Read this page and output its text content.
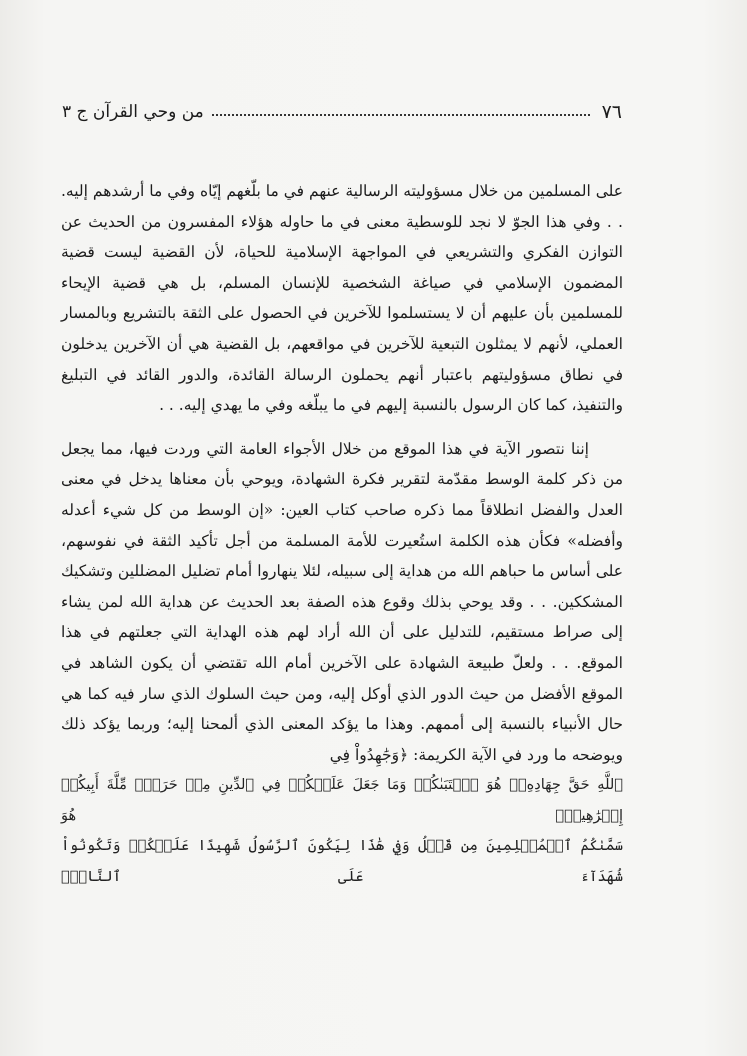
٧٦
من وحي القرآن ج ٣

على المسلمين من خلال مسؤوليته الرسالية عنهم في ما بلّغهم إيّاه وفي ما أرشدهم إليه. . . وفي هذا الجوّ لا نجد للوسطية معنى في ما حاوله هؤلاء المفسرون من الحديث عن التوازن الفكري والتشريعي في المواجهة الإسلامية للحياة، لأن القضية ليست قضية المضمون الإسلامي في صياغة الشخصية للإنسان المسلم، بل هي قضية الإيحاء للمسلمين بأن عليهم أن لا يستسلموا للآخرين في الحصول على الثقة بالتشريع وبالمسار العملي، لأنهم لا يمثلون التبعية للآخرين في مواقعهم، بل القضية هي أن الآخرين يدخلون في نطاق مسؤوليتهم باعتبار أنهم يحملون الرسالة القائدة، والدور القائد في التبليغ والتنفيذ، كما كان الرسول بالنسبة إليهم في ما يبلّغه وفي ما يهدي إليه. . .

إننا نتصور الآية في هذا الموقع من خلال الأجواء العامة التي وردت فيها، مما يجعل من ذكر كلمة الوسط مقدّمة لتقرير فكرة الشهادة، ويوحي بأن معناها يدخل في معنى العدل والفضل انطلاقاً مما ذكره صاحب كتاب العين: «إن الوسط من كل شيء أعدله وأفضله» فكأن هذه الكلمة استُعيرت للأمة المسلمة من أجل تأكيد الثقة في نفوسهم، على أساس ما حباهم الله من هداية إلى سبيله، لئلا ينهاروا أمام تضليل المضللين وتشكيك المشككين. . . وقد يوحي بذلك وقوع هذه الصفة بعد الحديث عن هداية الله لمن يشاء إلى صراط مستقيم، للتدليل على أن الله أراد لهم هذه الهداية التي جعلتهم في هذا الموقع. . . ولعلّ طبيعة الشهادة على الآخرين أمام الله تقتضي أن يكون الشاهد في الموقع الأفضل من حيث الدور الذي أوكل إليه، ومن حيث السلوك الذي سار فيه كما هي حال الأنبياء بالنسبة إلى أممهم. وهذا ما يؤكد المعنى الذي ألمحنا إليه؛ وربما يؤكد ذلك ويوضحه ما ورد في الآية الكريمة: ﴿وَجَٰهِدُواْ فِي

ٱللَّهِ حَقَّ جِهَادِهِۦۚ هُوَ ٱجۡتَبَىٰكُمۡ وَمَا جَعَلَ عَلَيۡكُمۡ فِي ٱلدِّينِ مِنۡ حَرَجٖۚ مِّلَّةَ أَبِيكُمۡ إِبۡرَٰهِيمَۚ هُوَ

سَمَّىٰكُمُ ٱلۡمُسۡلِمِينَ مِن قَبۡلُ وَفِي هَٰذَا لِيَكُونَ ٱلرَّسُولُ شَهِيدًا عَلَيۡكُمۡ وَتَكُونُواْ شُهَدَآءَ عَلَى ٱلنَّاسِۚ
